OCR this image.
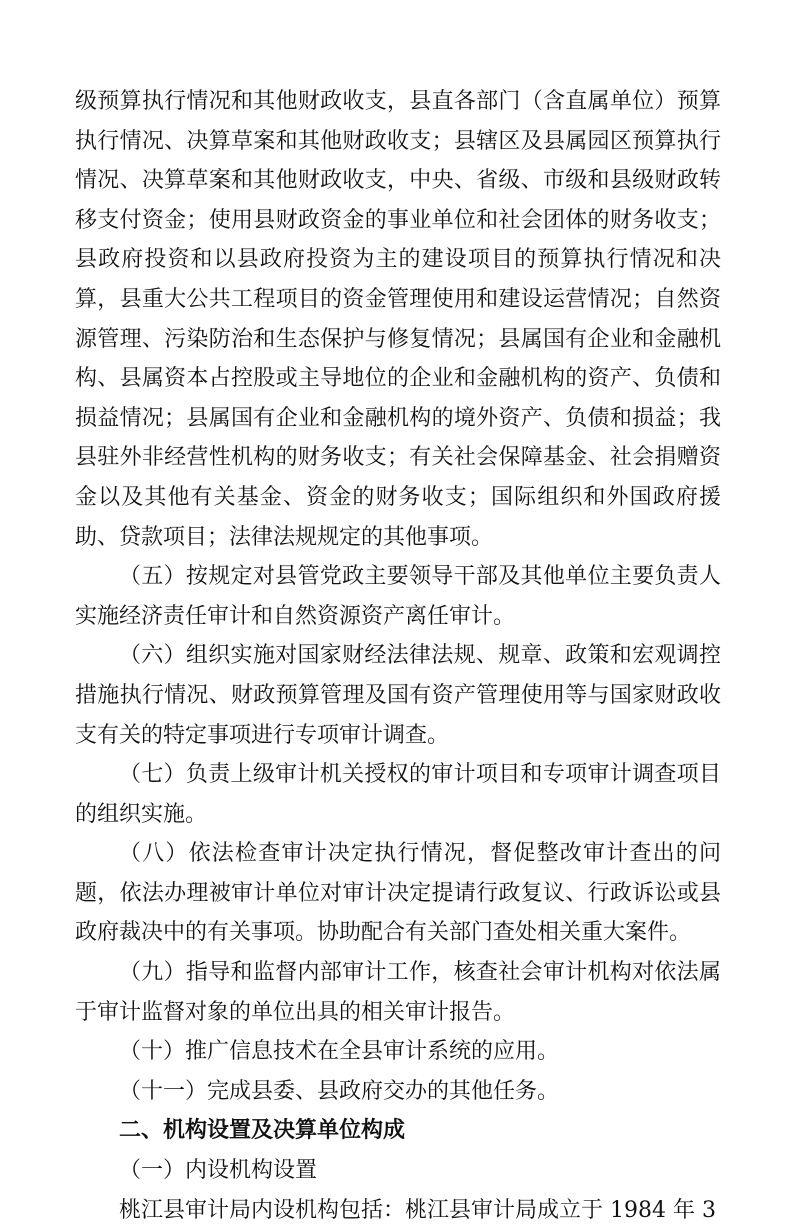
级预算执行情况和其他财政收支，县直各部门（含直属单位）预算执行情况、决算草案和其他财政收支；县辖区及县属园区预算执行情况、决算草案和其他财政收支，中央、省级、市级和县级财政转移支付资金；使用县财政资金的事业单位和社会团体的财务收支；县政府投资和以县政府投资为主的建设项目的预算执行情况和决算，县重大公共工程项目的资金管理使用和建设运营情况；自然资源管理、污染防治和生态保护与修复情况；县属国有企业和金融机构、县属资本占控股或主导地位的企业和金融机构的资产、负债和损益情况；县属国有企业和金融机构的境外资产、负债和损益；我县驻外非经营性机构的财务收支；有关社会保障基金、社会捐赠资金以及其他有关基金、资金的财务收支；国际组织和外国政府援助、贷款项目；法律法规规定的其他事项。

（五）按规定对县管党政主要领导干部及其他单位主要负责人实施经济责任审计和自然资源资产离任审计。

（六）组织实施对国家财经法律法规、规章、政策和宏观调控措施执行情况、财政预算管理及国有资产管理使用等与国家财政收支有关的特定事项进行专项审计调查。

（七）负责上级审计机关授权的审计项目和专项审计调查项目的组织实施。

（八）依法检查审计决定执行情况，督促整改审计查出的问题，依法办理被审计单位对审计决定提请行政复议、行政诉讼或县政府裁决中的有关事项。协助配合有关部门查处相关重大案件。

（九）指导和监督内部审计工作，核查社会审计机构对依法属于审计监督对象的单位出具的相关审计报告。

（十）推广信息技术在全县审计系统的应用。

（十一）完成县委、县政府交办的其他任务。

二、机构设置及决算单位构成

（一）内设机构设置

桃江县审计局内设机构包括：桃江县审计局成立于 1984 年 3
